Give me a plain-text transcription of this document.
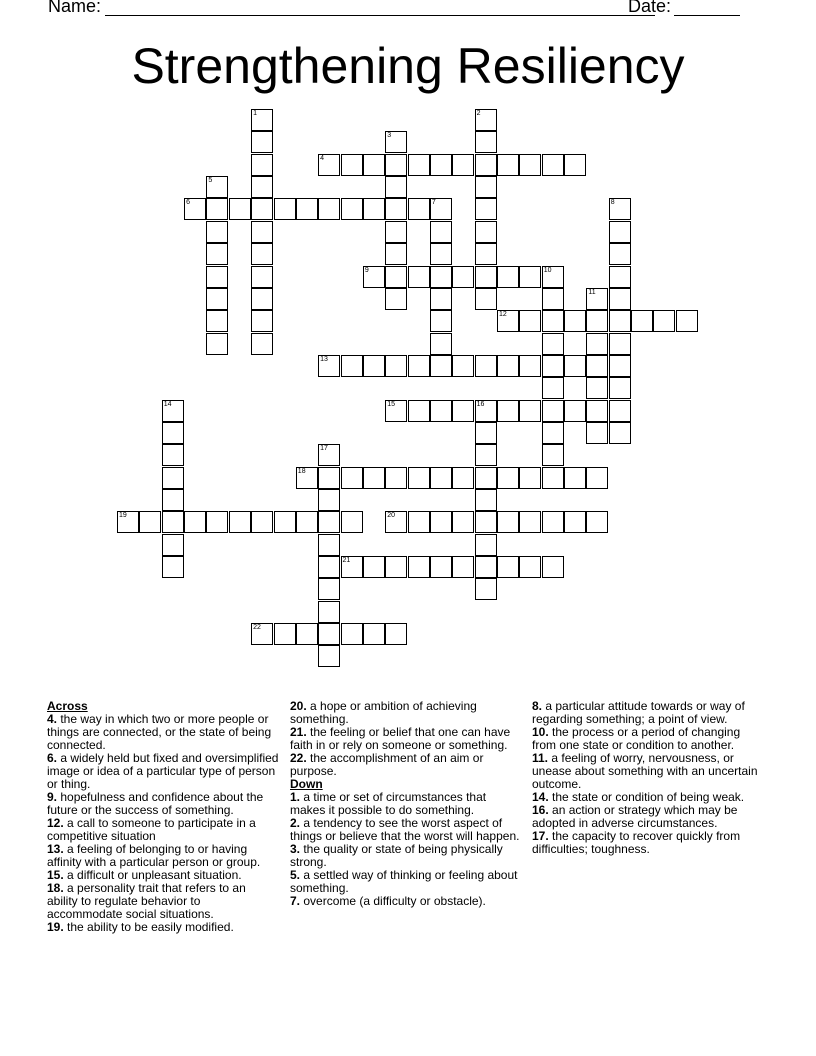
Name:	Date:
Strengthening Resiliency
1	2
3
4
5
6	7	8
9	10
11
12
13
14	15	16
17
18
19	20
21
22

Across

4. the way in which two or more people or things are connected, or the state of being connected.

6. a widely held but fixed and oversimplified image or idea of a particular type of person or thing.

9. hopefulness and confidence about the future or the success of something.

12. a call to someone to participate in a competitive situation

13. a feeling of belonging to or having affinity with a particular person or group.

15. a difficult or unpleasant situation.

18. a personality trait that refers to an ability to regulate behavior to accommodate social situations.

19. the ability to be easily modified.

20. a hope or ambition of achieving something.

21. the feeling or belief that one can have faith in or rely on someone or something.

22. the accomplishment of an aim or purpose.

Down

1. a time or set of circumstances that makes it possible to do something.

2. a tendency to see the worst aspect of things or believe that the worst will happen.

3. the quality or state of being physically strong.

5. a settled way of thinking or feeling about something.

7. overcome (a difficulty or obstacle).

8. a particular attitude towards or way of regarding something; a point of view.

10. the process or a period of changing from one state or condition to another.

11. a feeling of worry, nervousness, or unease about something with an uncertain outcome.

14. the state or condition of being weak.

16. an action or strategy which may be adopted in adverse circumstances.

17. the capacity to recover quickly from difficulties; toughness.
